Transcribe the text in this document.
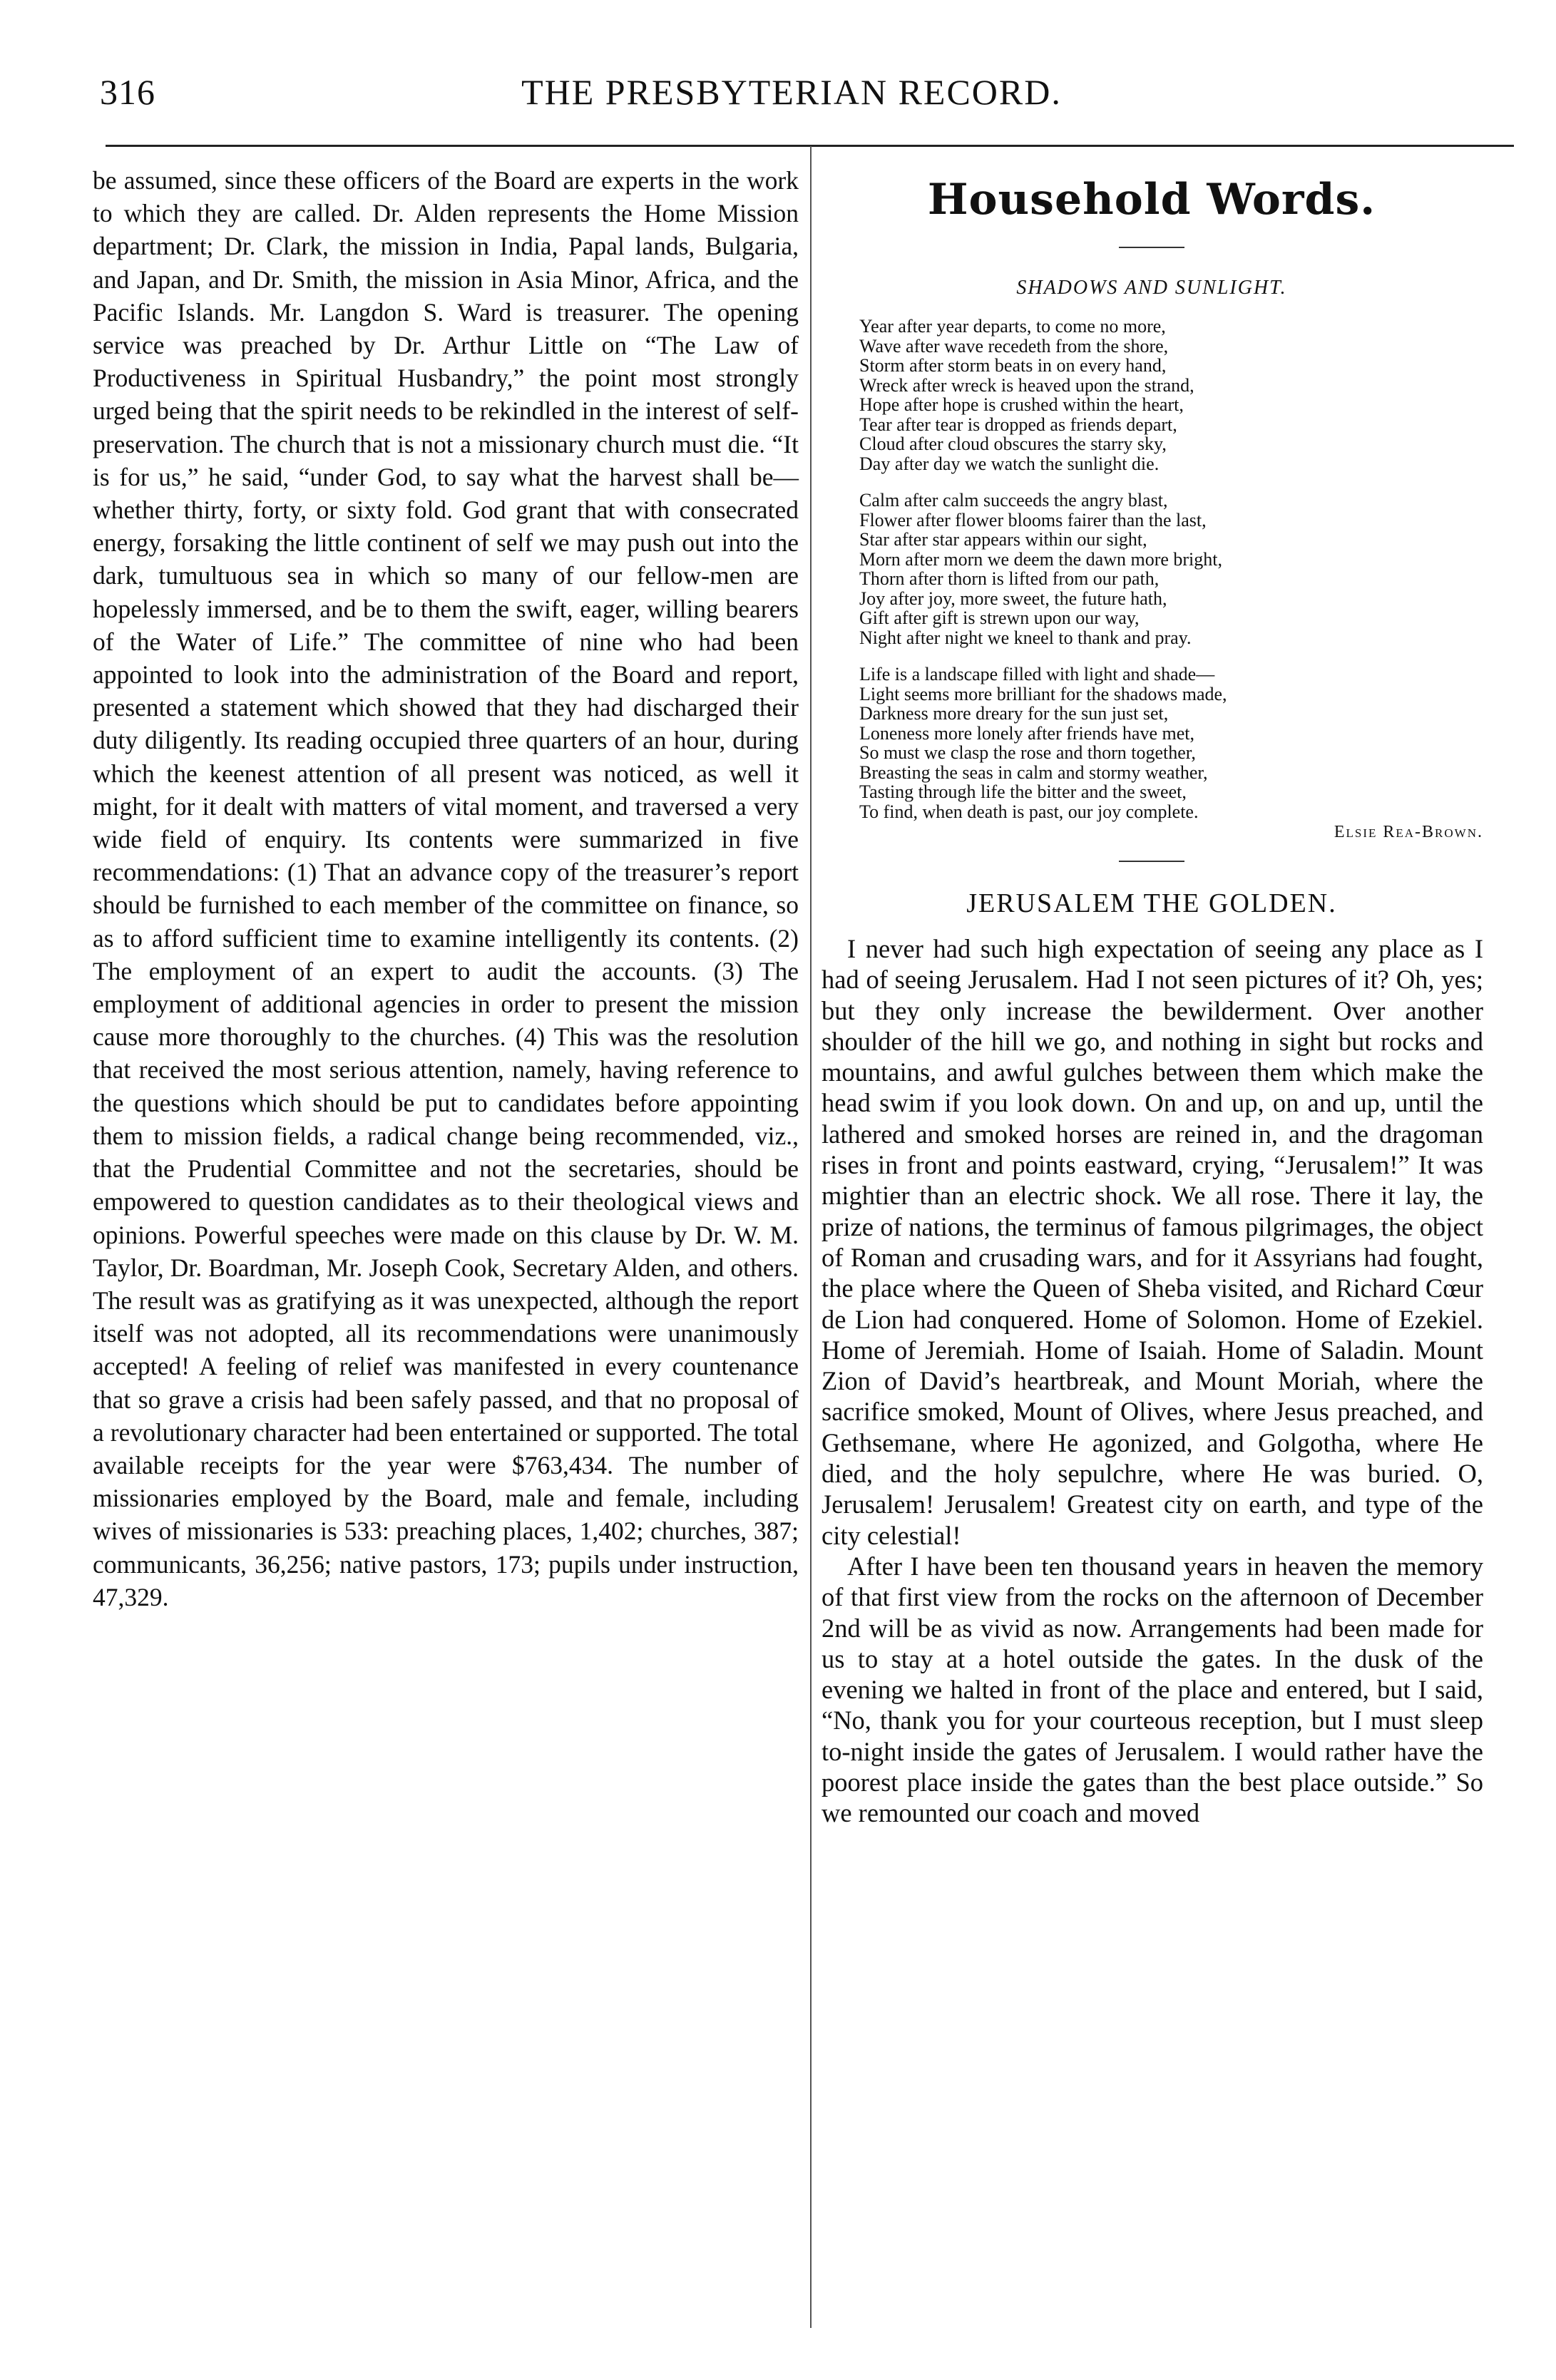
316	THE PRESBYTERIAN RECORD.

be assumed, since these officers of the Board are experts in the work to which they are called. Dr. Alden represents the Home Mission department; Dr. Clark, the mission in India, Papal lands, Bulgaria, and Japan, and Dr. Smith, the mission in Asia Minor, Africa, and the Pacific Islands. Mr. Langdon S. Ward is treasurer. The opening service was preached by Dr. Arthur Little on “The Law of Productiveness in Spiritual Husbandry,” the point most strongly urged being that the spirit needs to be rekindled in the interest of self-preservation. The church that is not a missionary church must die. “It is for us,” he said, “under God, to say what the harvest shall be—whether thirty, forty, or sixty fold. God grant that with consecrated energy, forsaking the little continent of self we may push out into the dark, tumultuous sea in which so many of our fellow-men are hopelessly immersed, and be to them the swift, eager, willing bearers of the Water of Life.” The committee of nine who had been appointed to look into the administration of the Board and report, presented a statement which showed that they had discharged their duty diligently. Its reading occupied three quarters of an hour, during which the keenest attention of all present was noticed, as well it might, for it dealt with matters of vital moment, and traversed a very wide field of enquiry. Its contents were summarized in five recommendations: (1) That an advance copy of the treasurer’s report should be furnished to each member of the committee on finance, so as to afford sufficient time to examine intelligently its contents. (2) The employment of an expert to audit the accounts. (3) The employment of additional agencies in order to present the mission cause more thoroughly to the churches. (4) This was the resolution that received the most serious attention, namely, having reference to the questions which should be put to candidates before appointing them to mission fields, a radical change being recommended, viz., that the Prudential Committee and not the secretaries, should be empowered to question candidates as to their theological views and opinions. Powerful speeches were made on this clause by Dr. W. M. Taylor, Dr. Boardman, Mr. Joseph Cook, Secretary Alden, and others. The result was as gratifying as it was unexpected, although the report itself was not adopted, all its recommendations were unanimously accepted! A feeling of relief was manifested in every countenance that so grave a crisis had been safely passed, and that no proposal of a revolutionary character had been entertained or supported. The total available receipts for the year were $763,434. The number of missionaries employed by the Board, male and female, including wives of missionaries is 533: preaching places, 1,402; churches, 387; communicants, 36,256; native pastors, 173; pupils under instruction, 47,329.

Household Words.
SHADOWS AND SUNLIGHT.
Year after year departs, to come no more,
Wave after wave recedeth from the shore,
Storm after storm beats in on every hand,
Wreck after wreck is heaved upon the strand,
Hope after hope is crushed within the heart,
Tear after tear is dropped as friends depart,
Cloud after cloud obscures the starry sky,
Day after day we watch the sunlight die.
Calm after calm succeeds the angry blast,
Flower after flower blooms fairer than the last,
Star after star appears within our sight,
Morn after morn we deem the dawn more bright,
Thorn after thorn is lifted from our path,
Joy after joy, more sweet, the future hath,
Gift after gift is strewn upon our way,
Night after night we kneel to thank and pray.
Life is a landscape filled with light and shade—
Light seems more brilliant for the shadows made,
Darkness more dreary for the sun just set,
Loneness more lonely after friends have met,
So must we clasp the rose and thorn together,
Breasting the seas in calm and stormy weather,
Tasting through life the bitter and the sweet,
To find, when death is past, our joy complete.
Elsie Rea-Brown.
JERUSALEM THE GOLDEN.

I never had such high expectation of seeing any place as I had of seeing Jerusalem. Had I not seen pictures of it? Oh, yes; but they only increase the bewilderment. Over another shoulder of the hill we go, and nothing in sight but rocks and mountains, and awful gulches between them which make the head swim if you look down. On and up, on and up, until the lathered and smoked horses are reined in, and the dragoman rises in front and points eastward, crying, “Jerusalem!” It was mightier than an electric shock. We all rose. There it lay, the prize of nations, the terminus of famous pilgrimages, the object of Roman and crusading wars, and for it Assyrians had fought, the place where the Queen of Sheba visited, and Richard Cœur de Lion had conquered. Home of Solomon. Home of Ezekiel. Home of Jeremiah. Home of Isaiah. Home of Saladin. Mount Zion of David’s heartbreak, and Mount Moriah, where the sacrifice smoked, Mount of Olives, where Jesus preached, and Gethsemane, where He agonized, and Golgotha, where He died, and the holy sepulchre, where He was buried. O, Jerusalem! Jerusalem! Greatest city on earth, and type of the city celestial!

After I have been ten thousand years in heaven the memory of that first view from the rocks on the afternoon of December 2nd will be as vivid as now. Arrangements had been made for us to stay at a hotel outside the gates. In the dusk of the evening we halted in front of the place and entered, but I said, “No, thank you for your courteous reception, but I must sleep to-night inside the gates of Jerusalem. I would rather have the poorest place inside the gates than the best place outside.” So we remounted our coach and moved
